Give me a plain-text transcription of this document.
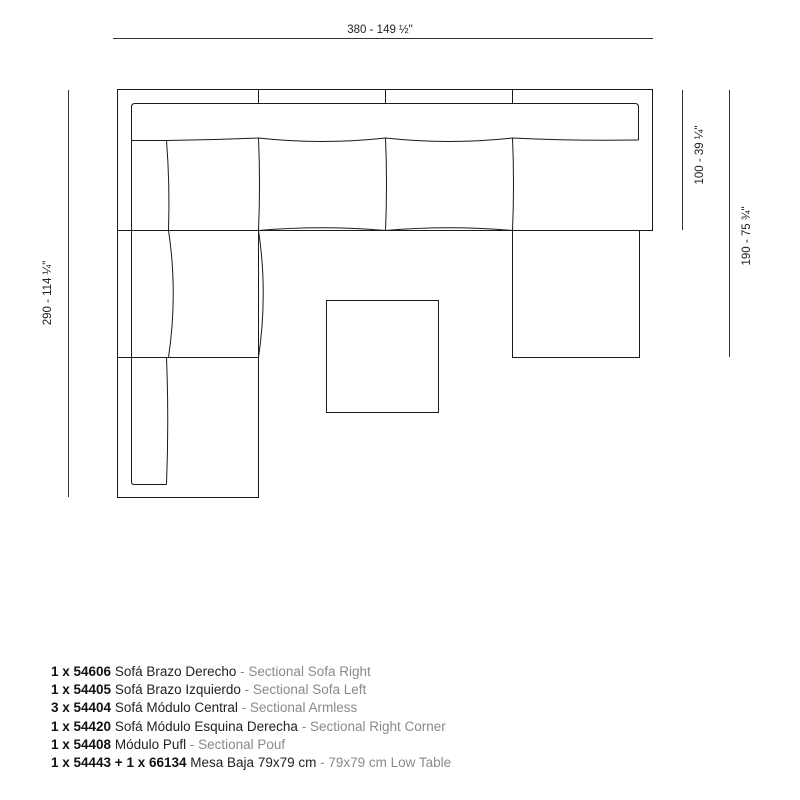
380 - 149 ½"
290 - 114 ¼"
100 - 39 ¼"
190 - 75 ¾"
1 x 54606 Sofá Brazo Derecho - Sectional Sofa Right
1 x 54405 Sofá Brazo Izquierdo - Sectional Sofa Left
3 x 54404 Sofá Módulo Central - Sectional Armless
1 x 54420 Sofá Módulo Esquina Derecha - Sectional Right Corner
1 x 54408 Módulo Pufl - Sectional Pouf
1 x 54443 + 1 x 66134 Mesa Baja 79x79 cm - 79x79 cm Low Table
